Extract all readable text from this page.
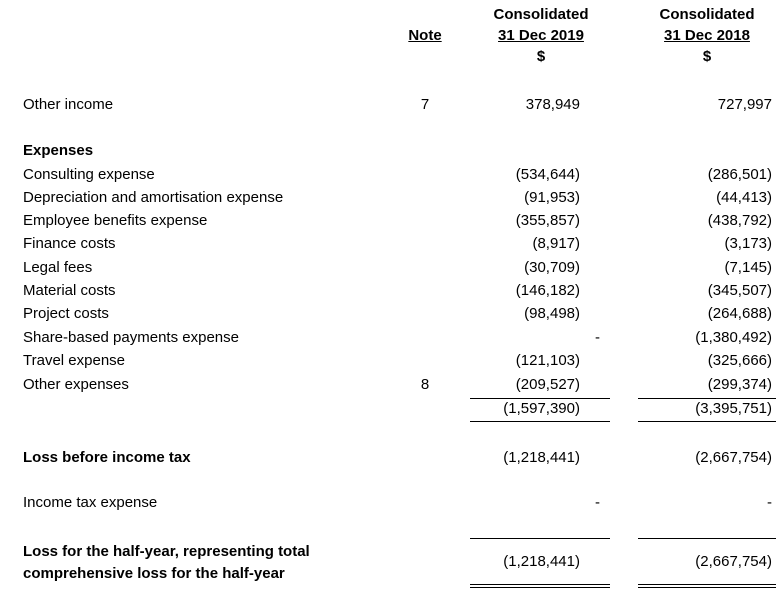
Note
Consolidated
31 Dec 2019
$
Consolidated
31 Dec 2018
$
Other income	7	378,949	727,997
Expenses
Consulting expense	(534,644)	(286,501)
Depreciation and amortisation expense	(91,953)	(44,413)
Employee benefits expense	(355,857)	(438,792)
Finance costs	(8,917)	(3,173)
Legal fees	(30,709)	(7,145)
Material costs	(146,182)	(345,507)
Project costs	(98,498)	(264,688)
Share-based payments expense	-	(1,380,492)
Travel expense	(121,103)	(325,666)
Other expenses	8	(209,527)	(299,374)
(1,597,390)	(3,395,751)
Loss before income tax	(1,218,441)	(2,667,754)
Income tax expense	-	-
Loss for the half-year, representing total
comprehensive loss for the half-year
(1,218,441)	(2,667,754)
